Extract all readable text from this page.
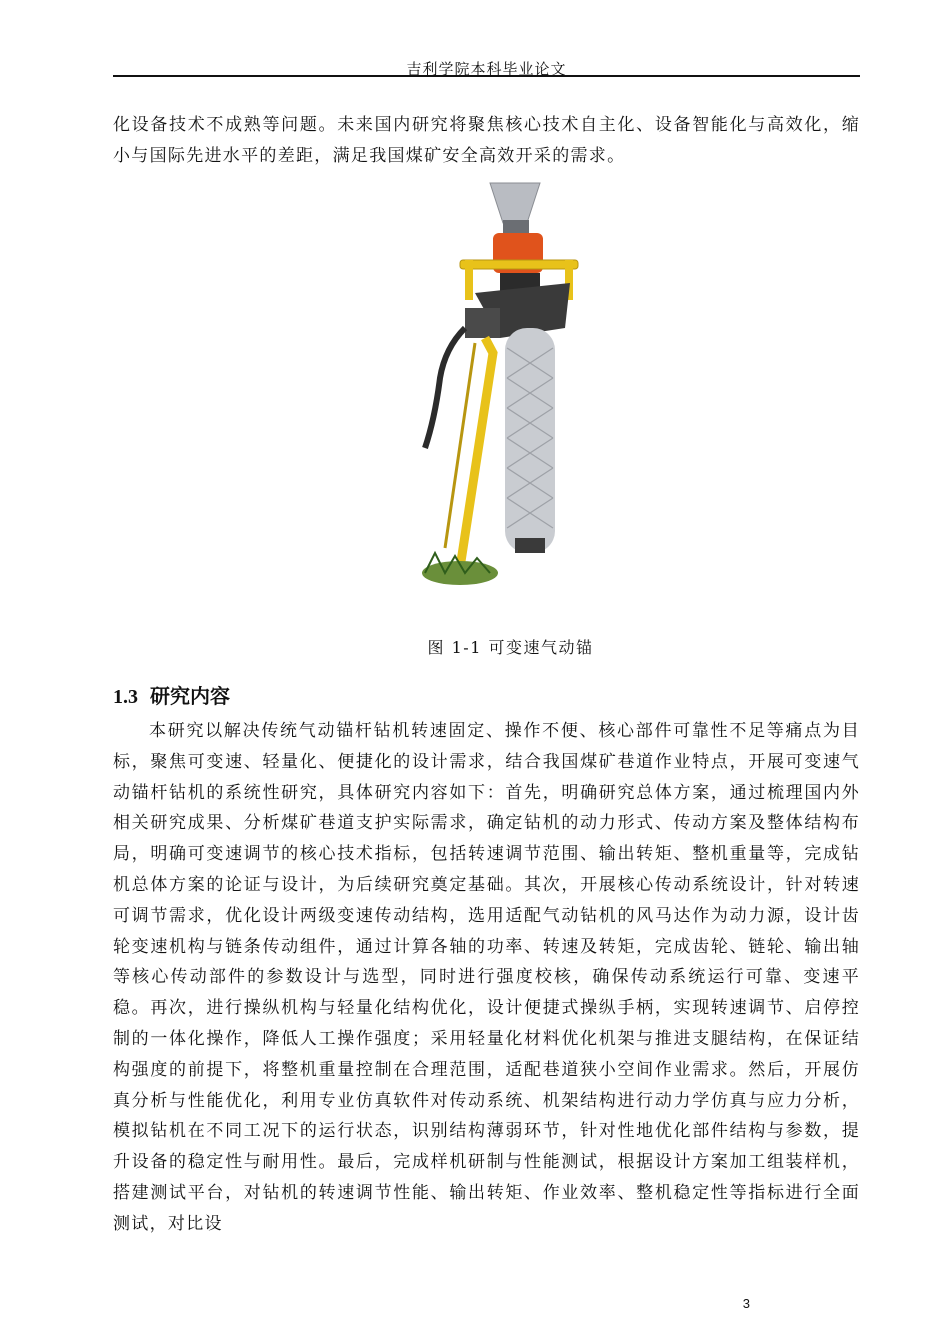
吉利学院本科毕业论文

化设备技术不成熟等问题。未来国内研究将聚焦核心技术自主化、设备智能化与高效化，缩小与国际先进水平的差距，满足我国煤矿安全高效开采的需求。

图 1-1 可变速气动锚
1.3 研究内容

本研究以解决传统气动锚杆钻机转速固定、操作不便、核心部件可靠性不足等痛点为目标，聚焦可变速、轻量化、便捷化的设计需求，结合我国煤矿巷道作业特点，开展可变速气动锚杆钻机的系统性研究，具体研究内容如下：首先，明确研究总体方案，通过梳理国内外相关研究成果、分析煤矿巷道支护实际需求，确定钻机的动力形式、传动方案及整体结构布局，明确可变速调节的核心技术指标，包括转速调节范围、输出转矩、整机重量等，完成钻机总体方案的论证与设计，为后续研究奠定基础。其次，开展核心传动系统设计，针对转速可调节需求，优化设计两级变速传动结构，选用适配气动钻机的风马达作为动力源，设计齿轮变速机构与链条传动组件，通过计算各轴的功率、转速及转矩，完成齿轮、链轮、输出轴等核心传动部件的参数设计与选型，同时进行强度校核，确保传动系统运行可靠、变速平稳。再次，进行操纵机构与轻量化结构优化，设计便捷式操纵手柄，实现转速调节、启停控制的一体化操作，降低人工操作强度；采用轻量化材料优化机架与推进支腿结构，在保证结构强度的前提下，将整机重量控制在合理范围，适配巷道狭小空间作业需求。然后，开展仿真分析与性能优化，利用专业仿真软件对传动系统、机架结构进行动力学仿真与应力分析，模拟钻机在不同工况下的运行状态，识别结构薄弱环节，针对性地优化部件结构与参数，提升设备的稳定性与耐用性。最后，完成样机研制与性能测试，根据设计方案加工组装样机，搭建测试平台，对钻机的转速调节性能、输出转矩、作业效率、整机稳定性等指标进行全面测试，对比设

3
